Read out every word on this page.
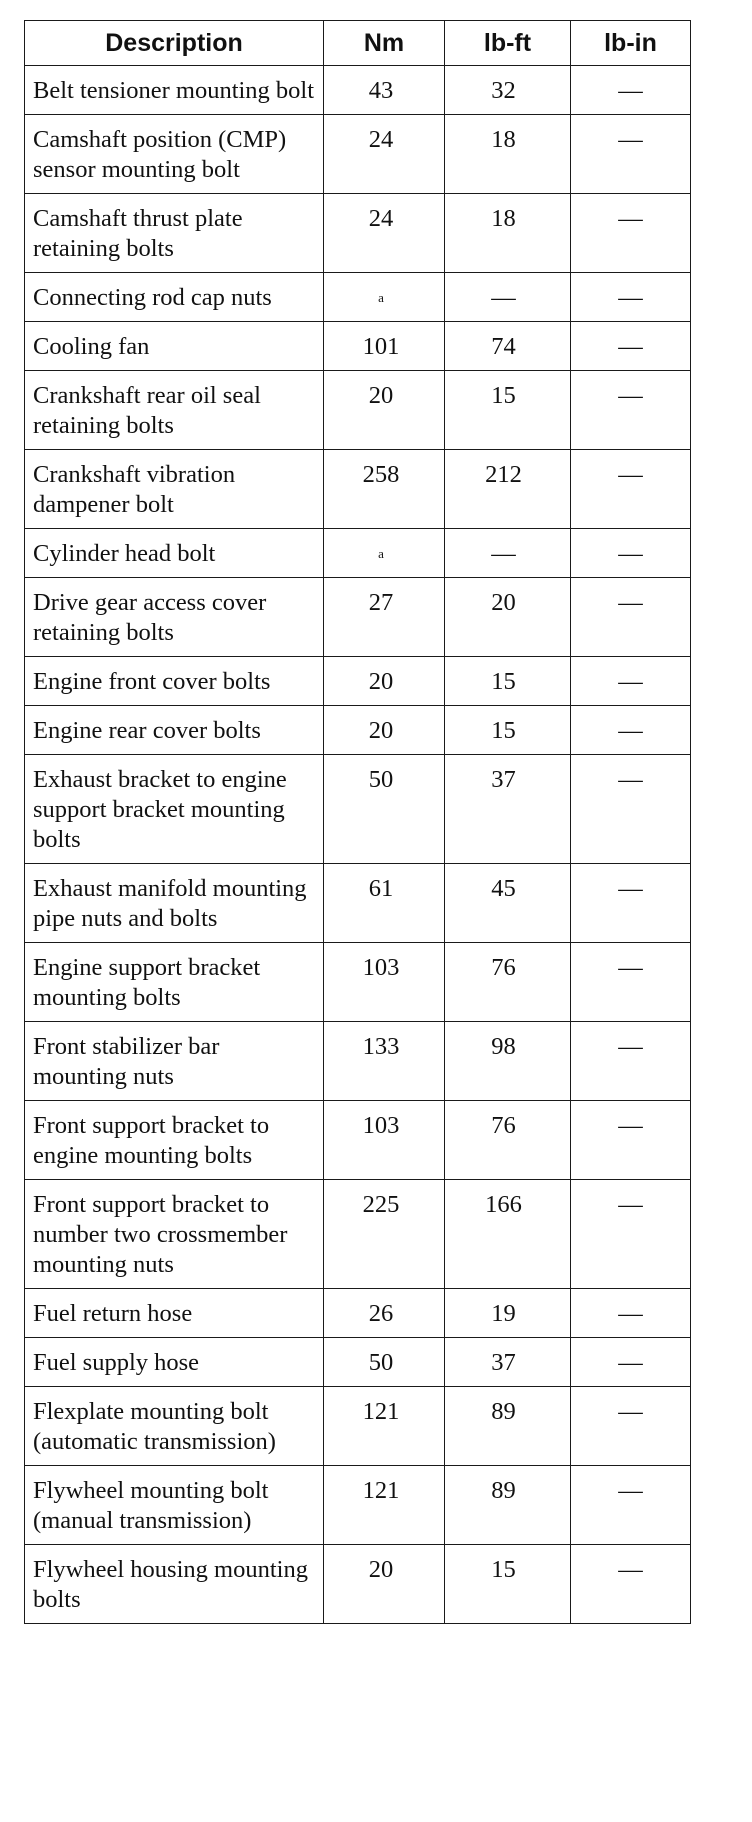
Description	Nm	lb-ft	lb-in
Belt tensioner mounting bolt	43	32	—
Camshaft position (CMP) sensor mounting bolt	24	18	—
Camshaft thrust plate retaining bolts	24	18	—
Connecting rod cap nuts	$^a$	—	—
Cooling fan	101	74	—
Crankshaft rear oil seal retaining bolts	20	15	—
Crankshaft vibration dampener bolt	258	212	—
Cylinder head bolt	$^a$	—	—
Drive gear access cover retaining bolts	27	20	—
Engine front cover bolts	20	15	—
Engine rear cover bolts	20	15	—
Exhaust bracket to engine support bracket mounting bolts	50	37	—
Exhaust manifold mounting pipe nuts and bolts	61	45	—
Engine support bracket mounting bolts	103	76	—
Front stabilizer bar mounting nuts	133	98	—
Front support bracket to engine mounting bolts	103	76	—
Front support bracket to number two crossmember mounting nuts	225	166	—
Fuel return hose	26	19	—
Fuel supply hose	50	37	—
Flexplate mounting bolt (automatic transmission)	121	89	—
Flywheel mounting bolt (manual transmission)	121	89	—
Flywheel housing mounting bolts	20	15	—
